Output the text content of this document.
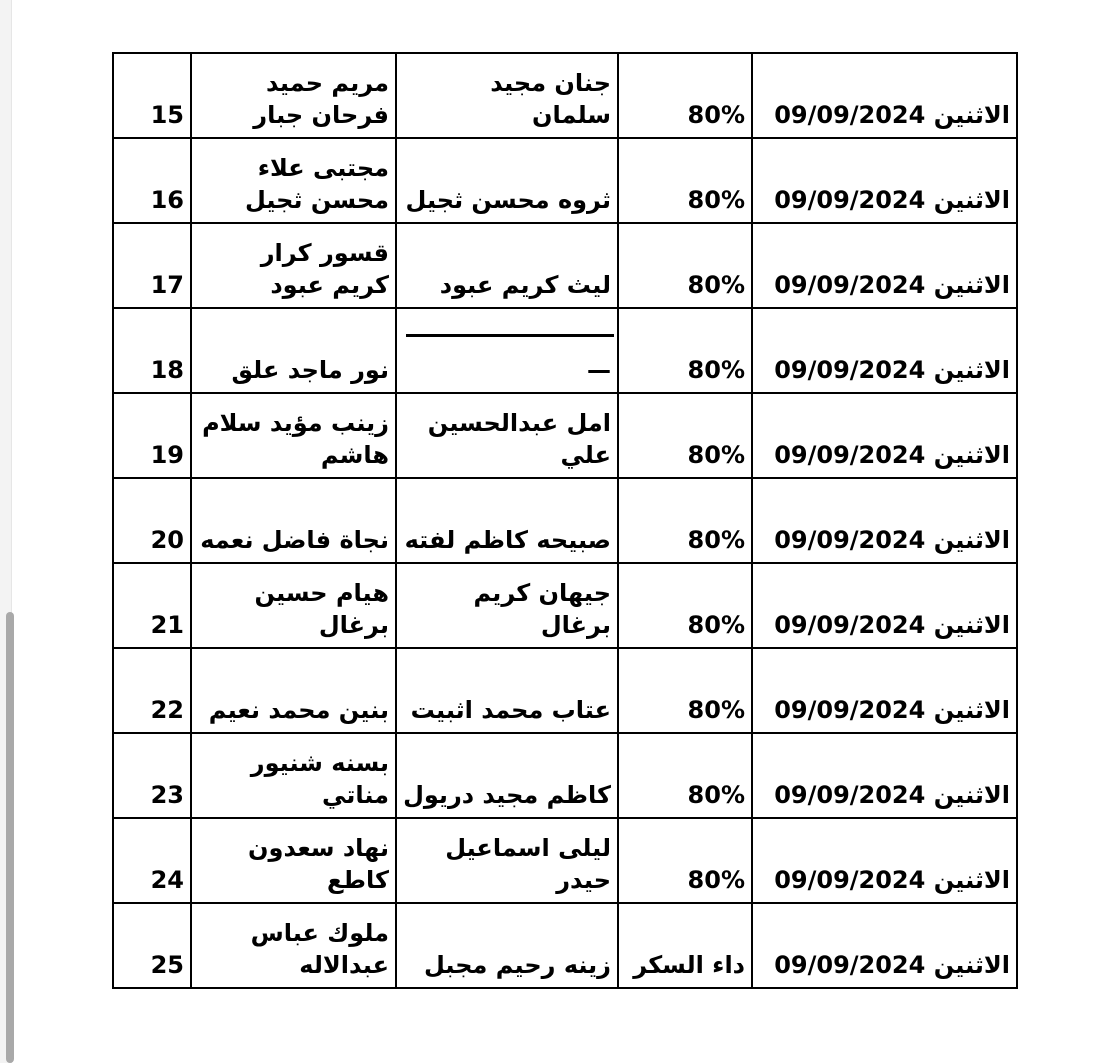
15	مريم حميد فرحان جبار	جنان مجيد سلمان	80%	الاثنين 09/09/2024
16	مجتبى علاء محسن ثجيل	ثروه محسن ثجيل	80%	الاثنين 09/09/2024
17	قسور كرار كريم عبود	ليث كريم عبود	80%	الاثنين 09/09/2024
18	نور ماجد علق	—	80%	الاثنين 09/09/2024
19	زينب مؤيد سلام هاشم	امل عبدالحسين علي	80%	الاثنين 09/09/2024
20	نجاة فاضل نعمه	صبيحه كاظم لفته	80%	الاثنين 09/09/2024
21	هيام حسين برغال	جيهان كريم برغال	80%	الاثنين 09/09/2024
22	بنين محمد نعيم	عتاب محمد اثبيت	80%	الاثنين 09/09/2024
23	بسنه شنيور مناتي	كاظم مجيد دريول	80%	الاثنين 09/09/2024
24	نهاد سعدون كاطع	ليلى اسماعيل حيدر	80%	الاثنين 09/09/2024
25	ملوك عباس عبدالاله	زينه رحيم مجبل	داء السكر	الاثنين 09/09/2024
